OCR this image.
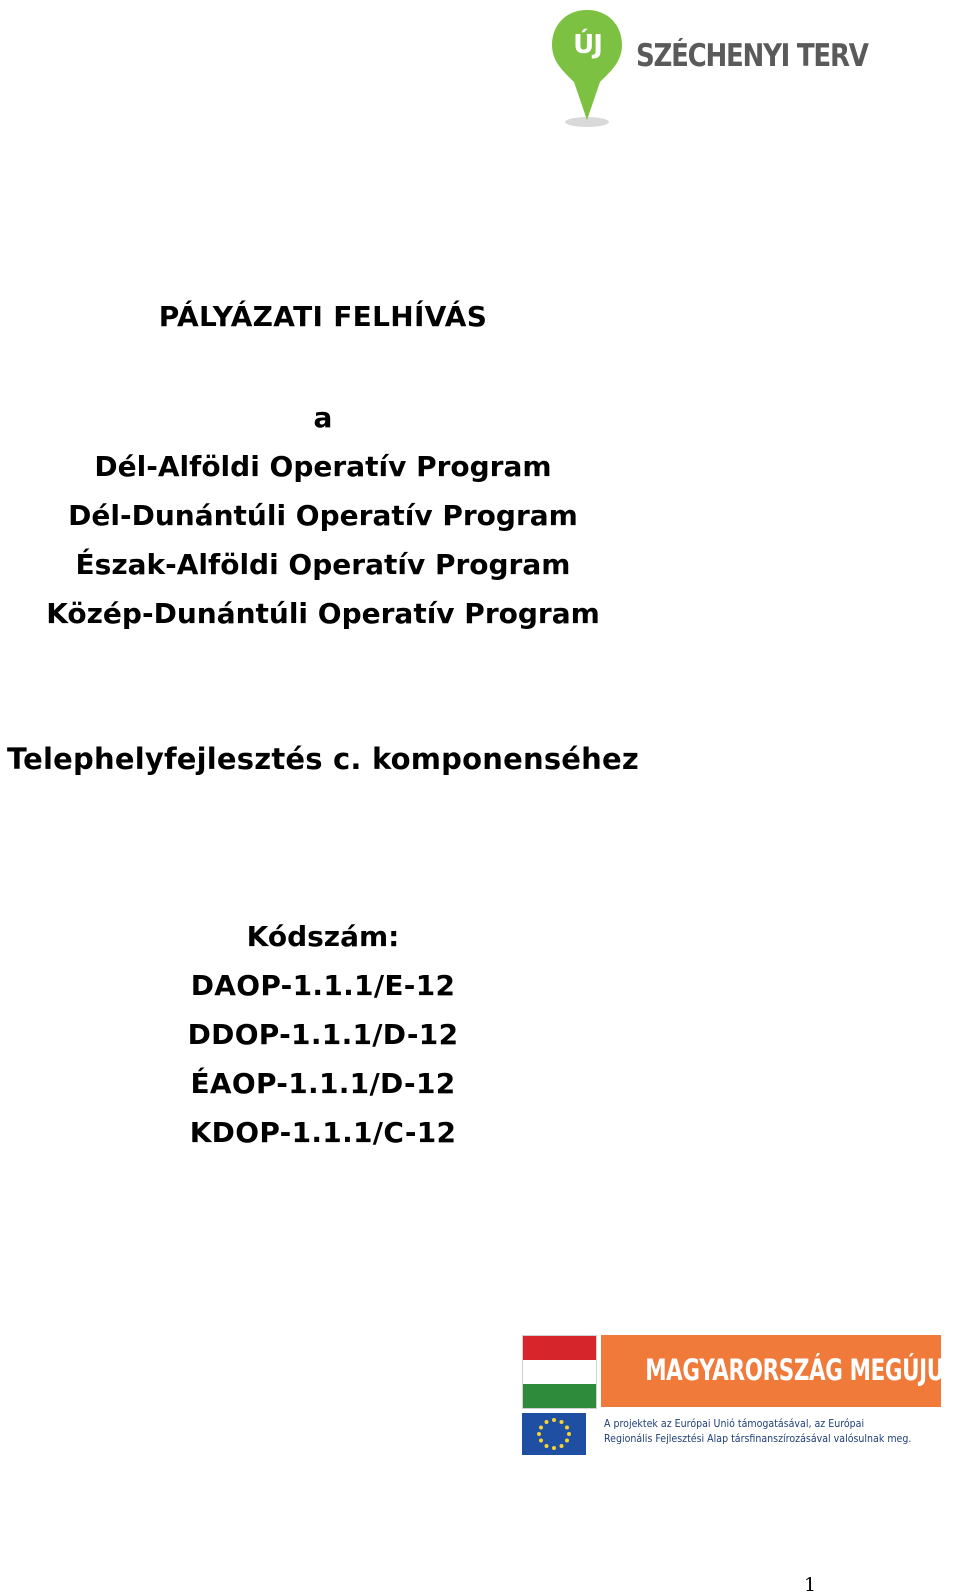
ÚJ	SZÉCHENYI TERV
PÁLYÁZATI FELHÍVÁS
a
Dél-Alföldi Operatív Program
Dél-Dunántúli Operatív Program
Észak-Alföldi Operatív Program
Közép-Dunántúli Operatív Program
Telephelyfejlesztés c. komponenséhez
Kódszám:
DAOP-1.1.1/E-12
DDOP-1.1.1/D-12
ÉAOP-1.1.1/D-12
KDOP-1.1.1/C-12
MAGYARORSZÁG MEGÚJUL
A projektek az Európai Unió támogatásával, az Európai
Regionális Fejlesztési Alap társfinanszírozásával valósulnak meg.
1
